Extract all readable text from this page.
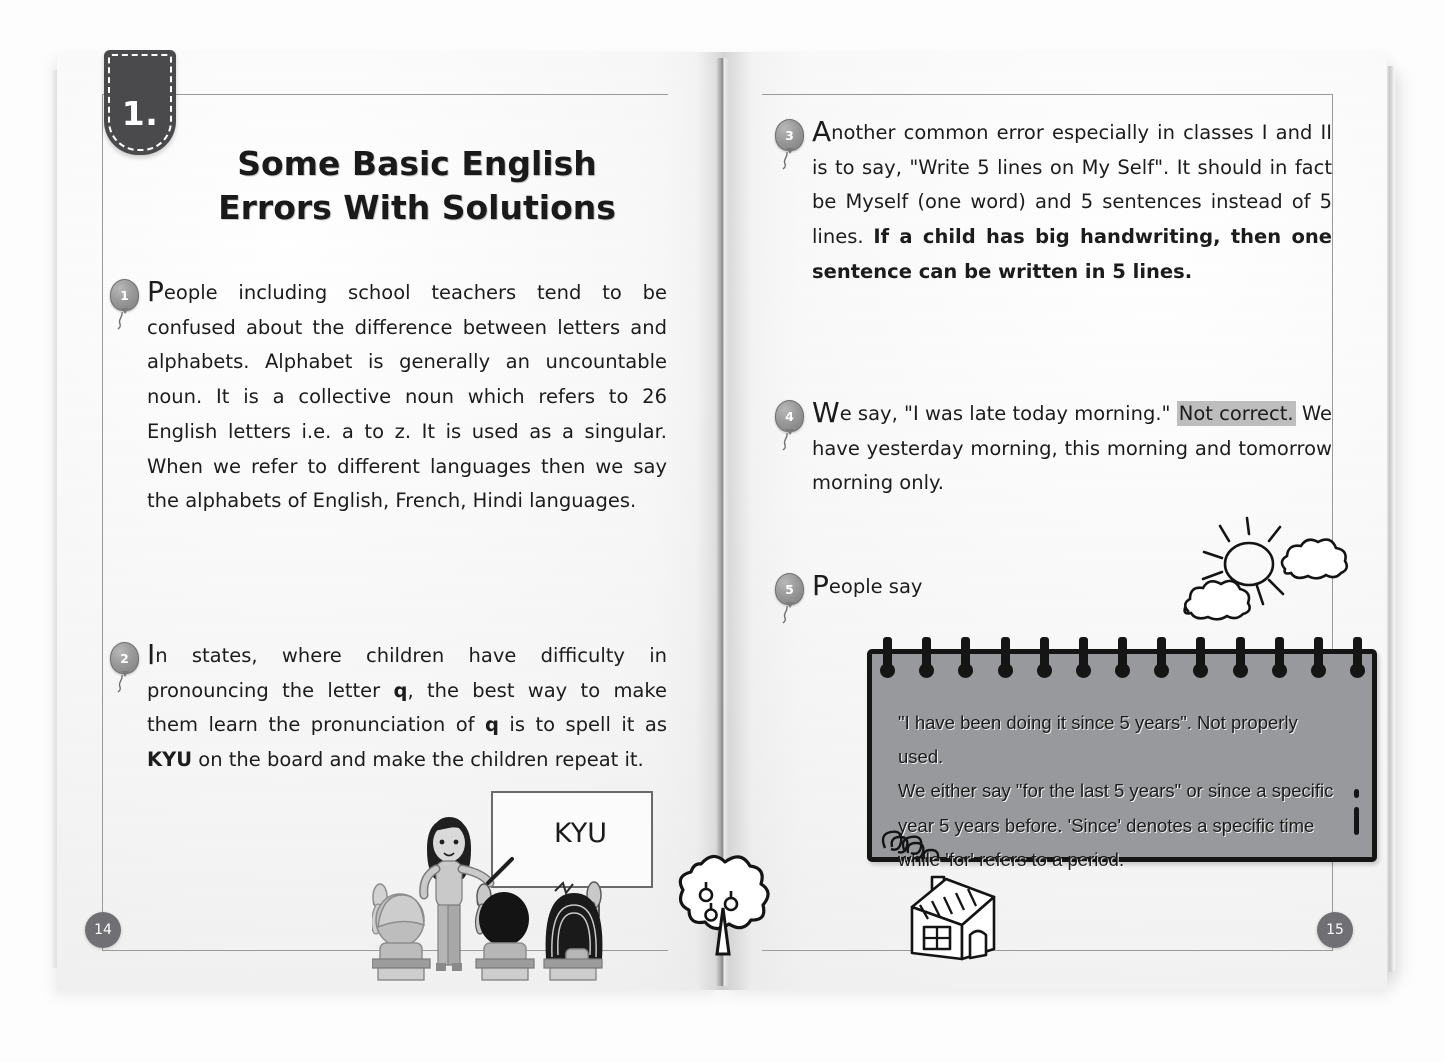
1.
Some Basic English
Errors With Solutions
1 People including school teachers tend to be confused about the difference between letters and alphabets. Alphabet is generally an uncountable noun. It is a collective noun which refers to 26 English letters i.e. a to z. It is used as a singular. When we refer to different languages then we say the alphabets of English, French, Hindi languages.
2 In states, where children have difficulty in pronouncing the letter q, the best way to make them learn the pronunciation of q is to spell it as KYU on the board and make the children repeat it.
KYU
14
3 Another common error especially in classes I and II is to say, "Write 5 lines on My Self". It should in fact be Myself (one word) and 5 sentences instead of 5 lines. If a child has big handwriting, then one sentence can be written in 5 lines.
4 We say, "I was late today morning." Not correct. We have yesterday morning, this morning and tomorrow morning only.
5 People say
"I have been doing it since 5 years". Not properly used.
We either say "for the last 5 years" or since a specific year 5 years before. 'Since' denotes a specific time while 'for' refers to a period.
15
